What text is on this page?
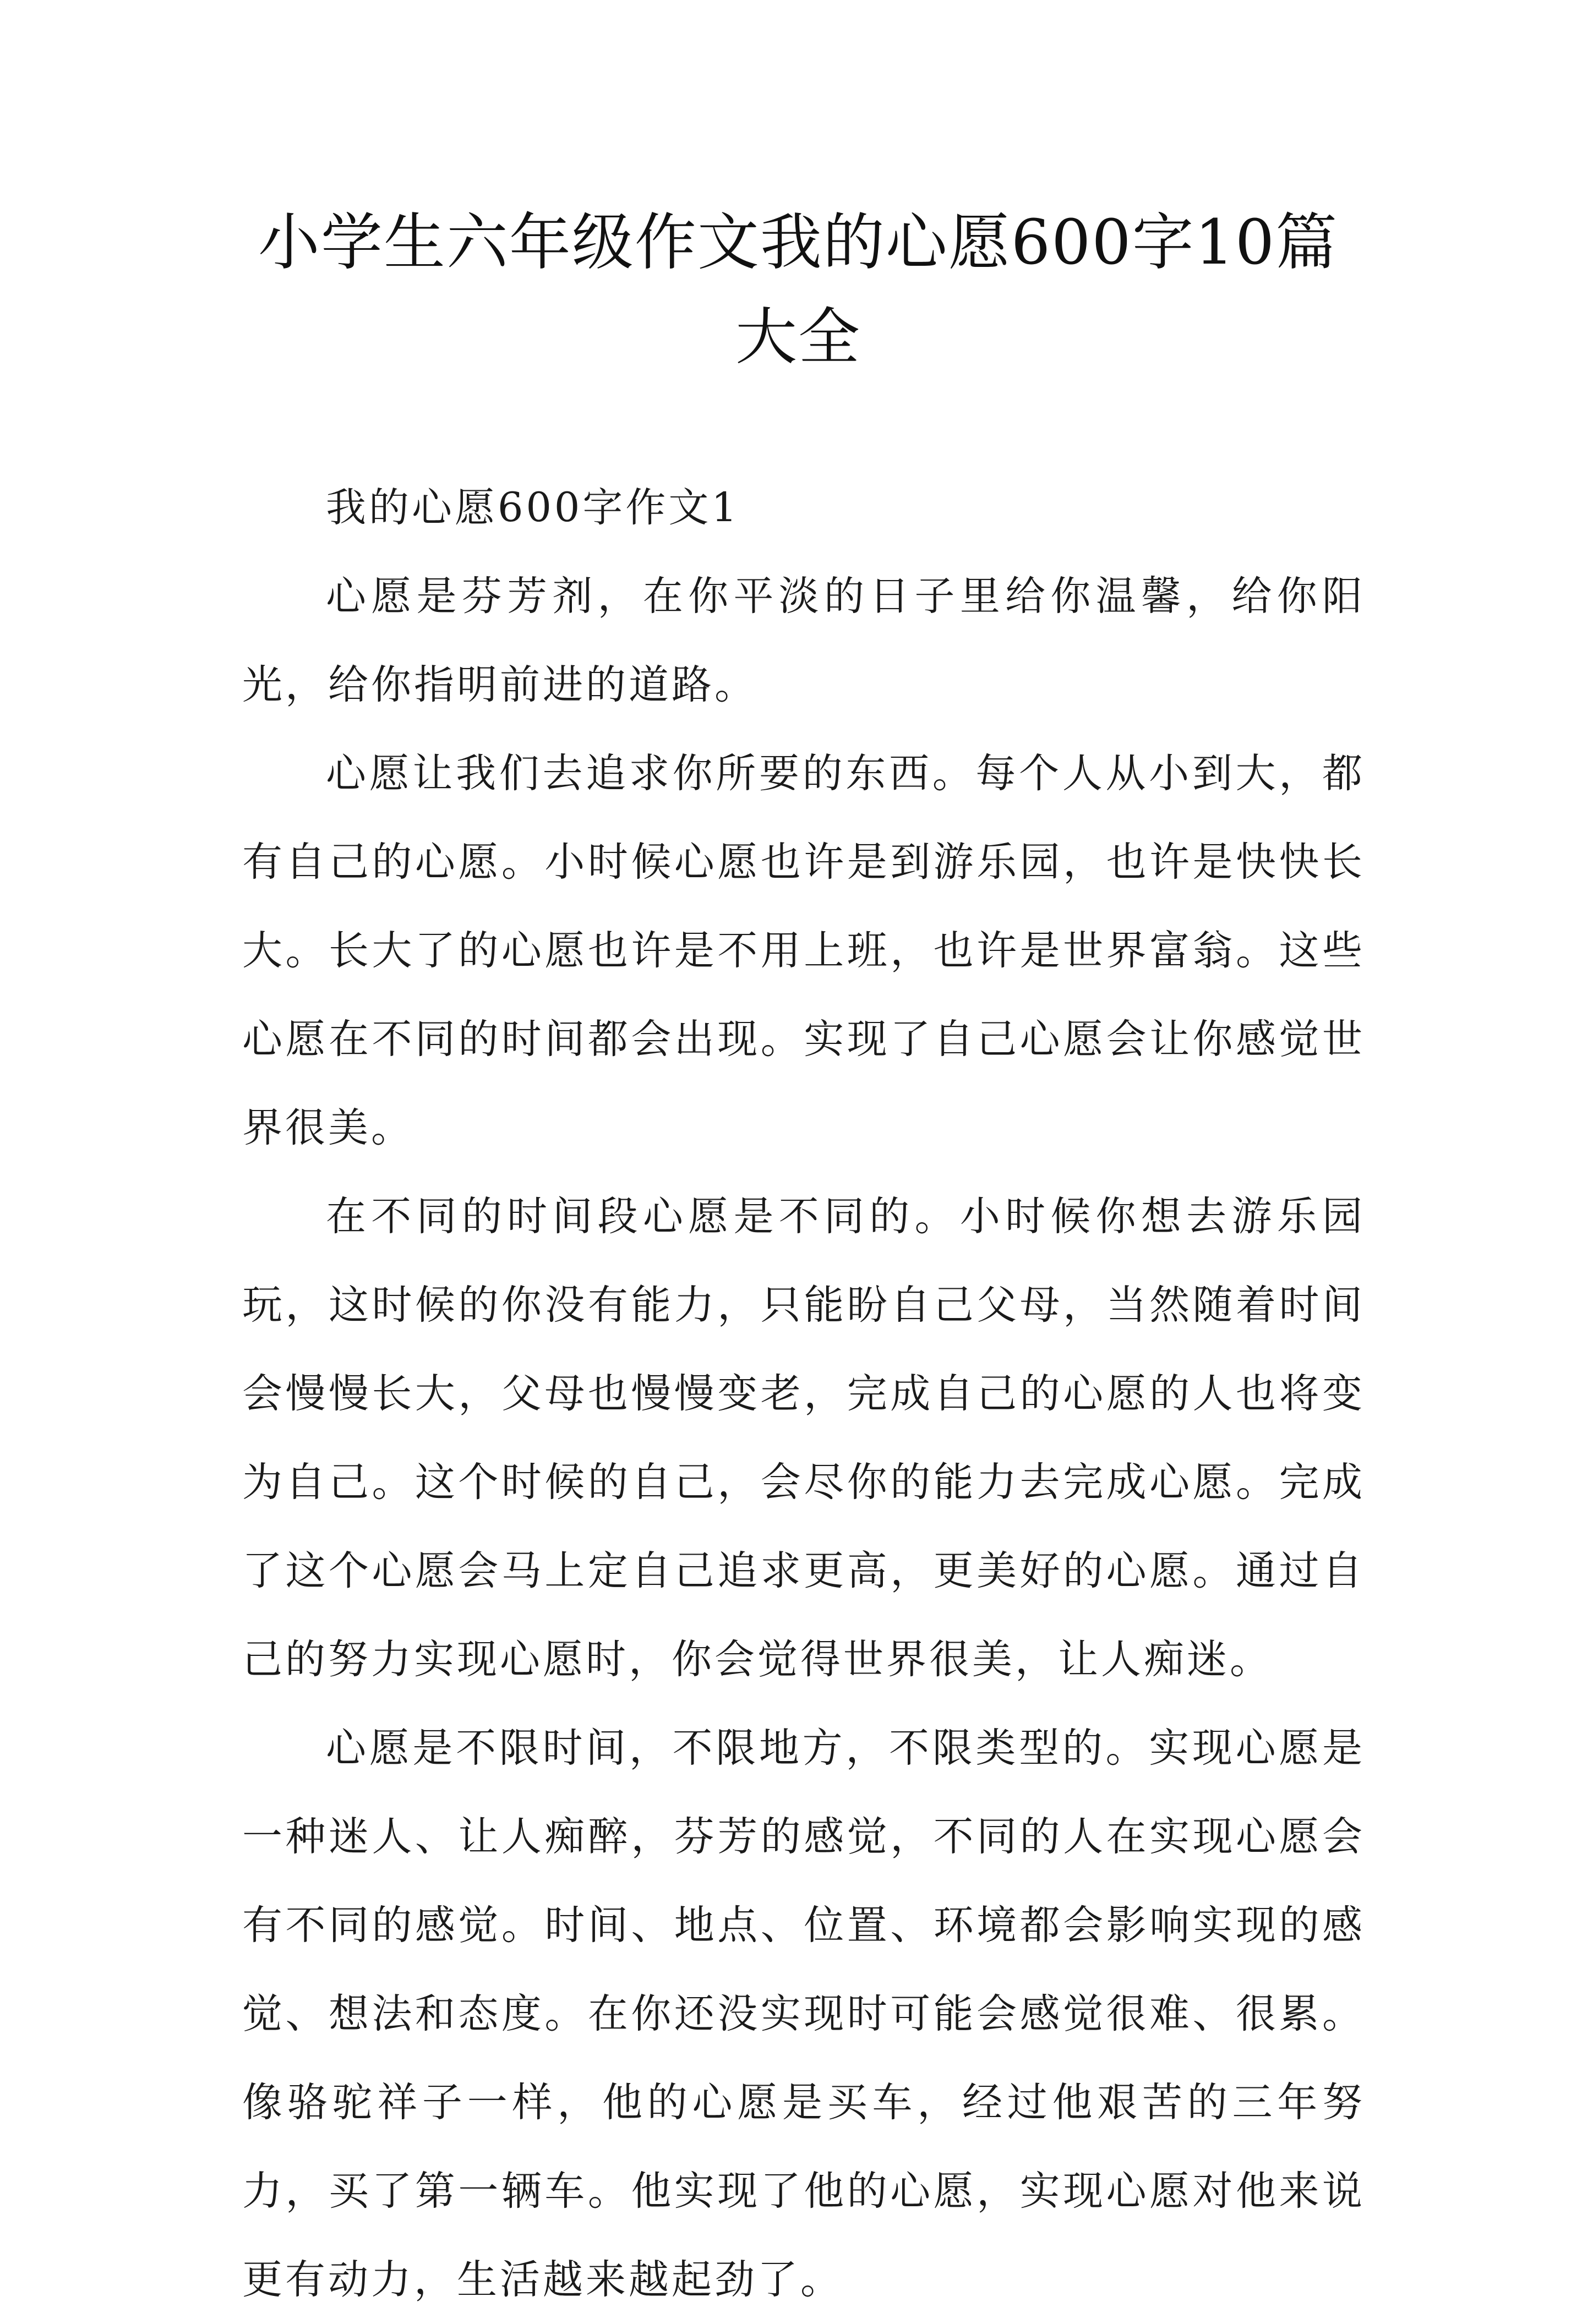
小学生六年级作文我的心愿600字10篇大全

我的心愿600字作文1

心愿是芬芳剂，在你平淡的日子里给你温馨，给你阳光，给你指明前进的道路。

心愿让我们去追求你所要的东西。每个人从小到大，都有自己的心愿。小时候心愿也许是到游乐园，也许是快快长大。长大了的心愿也许是不用上班，也许是世界富翁。这些心愿在不同的时间都会出现。实现了自己心愿会让你感觉世界很美。

在不同的时间段心愿是不同的。小时候你想去游乐园玩，这时候的你没有能力，只能盼自己父母，当然随着时间会慢慢长大，父母也慢慢变老，完成自己的心愿的人也将变为自己。这个时候的自己，会尽你的能力去完成心愿。完成了这个心愿会马上定自己追求更高，更美好的心愿。通过自己的努力实现心愿时，你会觉得世界很美，让人痴迷。

心愿是不限时间，不限地方，不限类型的。实现心愿是一种迷人、让人痴醉，芬芳的感觉，不同的人在实现心愿会有不同的感觉。时间、地点、位置、环境都会影响实现的感觉、想法和态度。在你还没实现时可能会感觉很难、很累。像骆驼祥子一样，他的心愿是买车，经过他艰苦的三年努力，买了第一辆车。他实现了他的心愿，实现心愿对他来说更有动力，生活越来越起劲了。
